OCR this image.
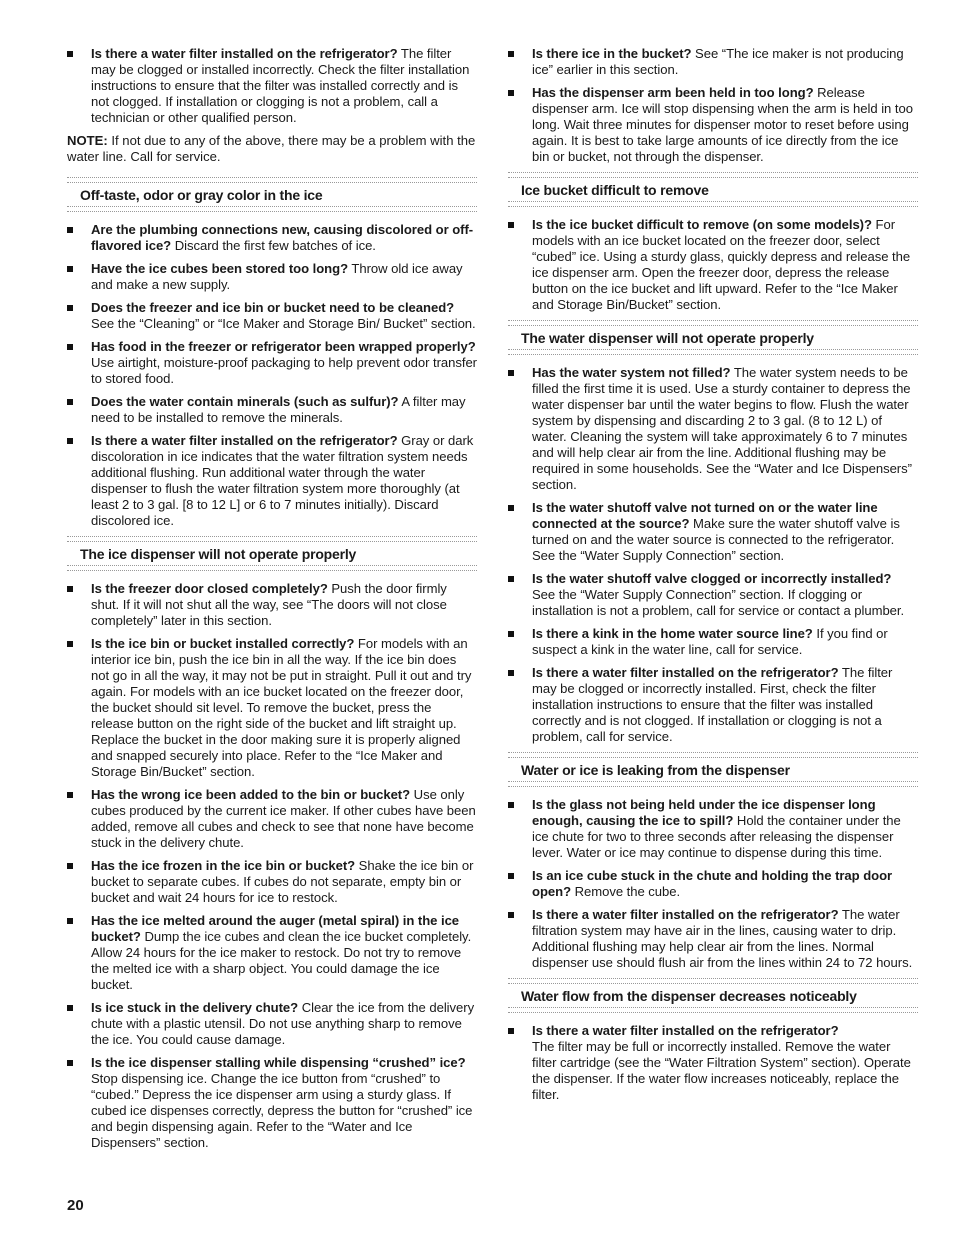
Is there a water filter installed on the refrigerator? The filter may be clogged or installed incorrectly. Check the filter installation instructions to ensure that the filter was installed correctly and is not clogged. If installation or clogging is not a problem, call a technician or other qualified person.
NOTE: If not due to any of the above, there may be a problem with the water line. Call for service.
Off-taste, odor or gray color in the ice
Are the plumbing connections new, causing discolored or off-flavored ice? Discard the first few batches of ice.
Have the ice cubes been stored too long? Throw old ice away and make a new supply.
Does the freezer and ice bin or bucket need to be cleaned? See the “Cleaning” or “Ice Maker and Storage Bin/ Bucket” section.
Has food in the freezer or refrigerator been wrapped properly? Use airtight, moisture-proof packaging to help prevent odor transfer to stored food.
Does the water contain minerals (such as sulfur)? A filter may need to be installed to remove the minerals.
Is there a water filter installed on the refrigerator? Gray or dark discoloration in ice indicates that the water filtration system needs additional flushing. Run additional water through the water dispenser to flush the water filtration system more thoroughly (at least 2 to 3 gal. [8 to 12 L] or 6 to 7 minutes initially). Discard discolored ice.
The ice dispenser will not operate properly
Is the freezer door closed completely? Push the door firmly shut. If it will not shut all the way, see “The doors will not close completely” later in this section.
Is the ice bin or bucket installed correctly? For models with an interior ice bin, push the ice bin in all the way. If the ice bin does not go in all the way, it may not be put in straight. Pull it out and try again. For models with an ice bucket located on the freezer door, the bucket should sit level. To remove the bucket, press the release button on the right side of the bucket and lift straight up. Replace the bucket in the door making sure it is properly aligned and snapped securely into place. Refer to the “Ice Maker and Storage Bin/Bucket” section.
Has the wrong ice been added to the bin or bucket? Use only cubes produced by the current ice maker. If other cubes have been added, remove all cubes and check to see that none have become stuck in the delivery chute.
Has the ice frozen in the ice bin or bucket? Shake the ice bin or bucket to separate cubes. If cubes do not separate, empty bin or bucket and wait 24 hours for ice to restock.
Has the ice melted around the auger (metal spiral) in the ice bucket? Dump the ice cubes and clean the ice bucket completely. Allow 24 hours for the ice maker to restock. Do not try to remove the melted ice with a sharp object. You could damage the ice bucket.
Is ice stuck in the delivery chute? Clear the ice from the delivery chute with a plastic utensil. Do not use anything sharp to remove the ice. You could cause damage.
Is the ice dispenser stalling while dispensing “crushed” ice? Stop dispensing ice. Change the ice button from “crushed” to “cubed.” Depress the ice dispenser arm using a sturdy glass. If cubed ice dispenses correctly, depress the button for “crushed” ice and begin dispensing again. Refer to the “Water and Ice Dispensers” section.
Is there ice in the bucket? See “The ice maker is not producing ice” earlier in this section.
Has the dispenser arm been held in too long? Release dispenser arm. Ice will stop dispensing when the arm is held in too long. Wait three minutes for dispenser motor to reset before using again. It is best to take large amounts of ice directly from the ice bin or bucket, not through the dispenser.
Ice bucket difficult to remove
Is the ice bucket difficult to remove (on some models)? For models with an ice bucket located on the freezer door, select “cubed” ice. Using a sturdy glass, quickly depress and release the ice dispenser arm. Open the freezer door, depress the release button on the ice bucket and lift upward. Refer to the “Ice Maker and Storage Bin/Bucket” section.
The water dispenser will not operate properly
Has the water system not filled? The water system needs to be filled the first time it is used. Use a sturdy container to depress the water dispenser bar until the water begins to flow. Flush the water system by dispensing and discarding 2 to 3 gal. (8 to 12 L) of water. Cleaning the system will take approximately 6 to 7 minutes and will help clear air from the line. Additional flushing may be required in some households. See the “Water and Ice Dispensers” section.
Is the water shutoff valve not turned on or the water line connected at the source? Make sure the water shutoff valve is turned on and the water source is connected to the refrigerator. See the “Water Supply Connection” section.
Is the water shutoff valve clogged or incorrectly installed? See the “Water Supply Connection” section. If clogging or installation is not a problem, call for service or contact a plumber.
Is there a kink in the home water source line? If you find or suspect a kink in the water line, call for service.
Is there a water filter installed on the refrigerator? The filter may be clogged or incorrectly installed. First, check the filter installation instructions to ensure that the filter was installed correctly and is not clogged. If installation or clogging is not a problem, call for service.
Water or ice is leaking from the dispenser
Is the glass not being held under the ice dispenser long enough, causing the ice to spill? Hold the container under the ice chute for two to three seconds after releasing the dispenser lever. Water or ice may continue to dispense during this time.
Is an ice cube stuck in the chute and holding the trap door open? Remove the cube.
Is there a water filter installed on the refrigerator? The water filtration system may have air in the lines, causing water to drip. Additional flushing may help clear air from the lines. Normal dispenser use should flush air from the lines within 24 to 72 hours.
Water flow from the dispenser decreases noticeably
Is there a water filter installed on the refrigerator?
The filter may be full or incorrectly installed. Remove the water filter cartridge (see the “Water Filtration System” section). Operate the dispenser. If the water flow increases noticeably, replace the filter.
20
